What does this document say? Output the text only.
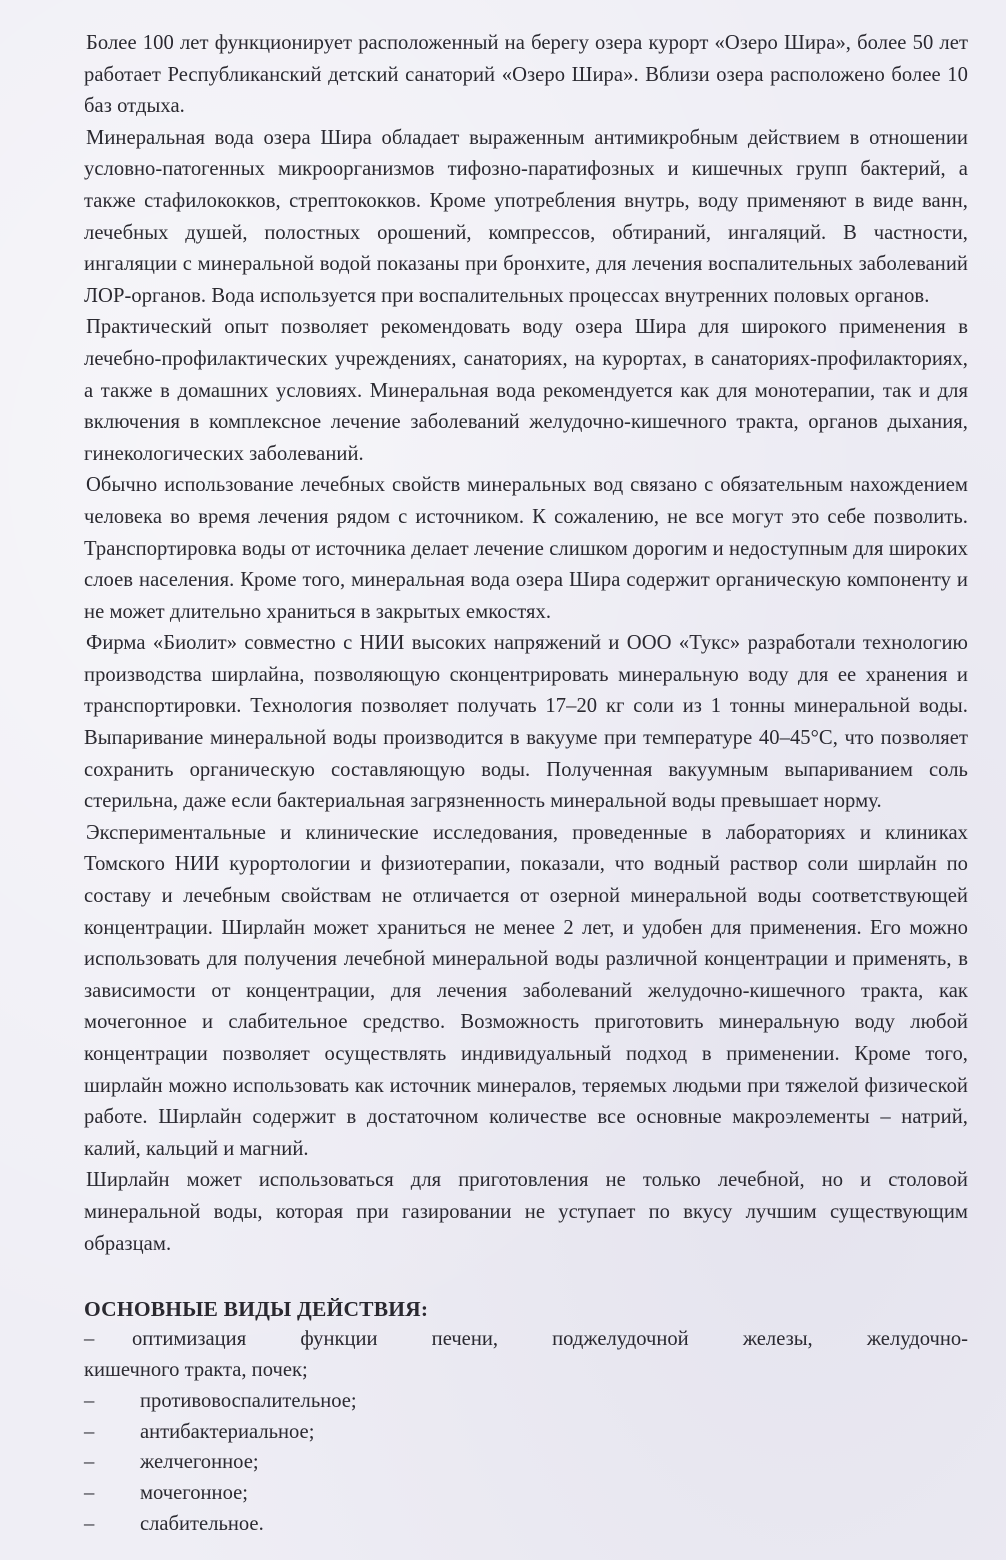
Более 100 лет функционирует расположенный на берегу озера курорт «Озеро Шира», более 50 лет работает Республиканский детский санаторий «Озеро Шира». Вблизи озера расположено более 10 баз отдыха.

Минеральная вода озера Шира обладает выраженным антимикробным действием в отношении условно-патогенных микроорганизмов тифозно-паратифозных и кишечных групп бактерий, а также стафилококков, стрептококков. Кроме употребления внутрь, воду применяют в виде ванн, лечебных душей, полостных орошений, компрессов, обтираний, ингаляций. В частности, ингаляции с минеральной водой показаны при бронхите, для лечения воспалительных заболеваний ЛОР-органов. Вода используется при воспалительных процессах внутренних половых органов.

Практический опыт позволяет рекомендовать воду озера Шира для широкого применения в лечебно-профилактических учреждениях, санаториях, на курортах, в санаториях-профилакториях, а также в домашних условиях. Минеральная вода рекомендуется как для монотерапии, так и для включения в комплексное лечение заболеваний желудочно-кишечного тракта, органов дыхания, гинекологических заболеваний.

Обычно использование лечебных свойств минеральных вод связано с обязательным нахождением человека во время лечения рядом с источником. К сожалению, не все могут это себе позволить. Транспортировка воды от источника делает лечение слишком дорогим и недоступным для широких слоев населения. Кроме того, минеральная вода озера Шира содержит органическую компоненту и не может длительно храниться в закрытых емкостях.

Фирма «Биолит» совместно с НИИ высоких напряжений и ООО «Тукс» разработали технологию производства ширлайна, позволяющую сконцентрировать минеральную воду для ее хранения и транспортировки. Технология позволяет получать 17–20 кг соли из 1 тонны минеральной воды. Выпаривание минеральной воды производится в вакууме при температуре 40–45°С, что позволяет сохранить органическую составляющую воды. Полученная вакуумным выпариванием соль стерильна, даже если бактериальная загрязненность минеральной воды превышает норму.

Экспериментальные и клинические исследования, проведенные в лабораториях и клиниках Томского НИИ курортологии и физиотерапии, показали, что водный раствор соли ширлайн по составу и лечебным свойствам не отличается от озерной минеральной воды соответствующей концентрации. Ширлайн может храниться не менее 2 лет, и удобен для применения. Его можно использовать для получения лечебной минеральной воды различной концентрации и применять, в зависимости от концентрации, для лечения заболеваний желудочно-кишечного тракта, как мочегонное и слабительное средство. Возможность приготовить минеральную воду любой концентрации позволяет осуществлять индивидуальный подход в применении. Кроме того, ширлайн можно использовать как источник минералов, теряемых людьми при тяжелой физической работе. Ширлайн содержит в достаточном количестве все основные макроэлементы – натрий, калий, кальций и магний.

Ширлайн может использоваться для приготовления не только лечебной, но и столовой минеральной воды, которая при газировании не уступает по вкусу лучшим существующим образцам.

ОСНОВНЫЕ ВИДЫ ДЕЙСТВИЯ:
– оптимизация функции печени, поджелудочной железы, желудочно-
кишечного тракта, почек;
–	противовоспалительное;
–	антибактериальное;
–	желчегонное;
–	мочегонное;
–	слабительное.
